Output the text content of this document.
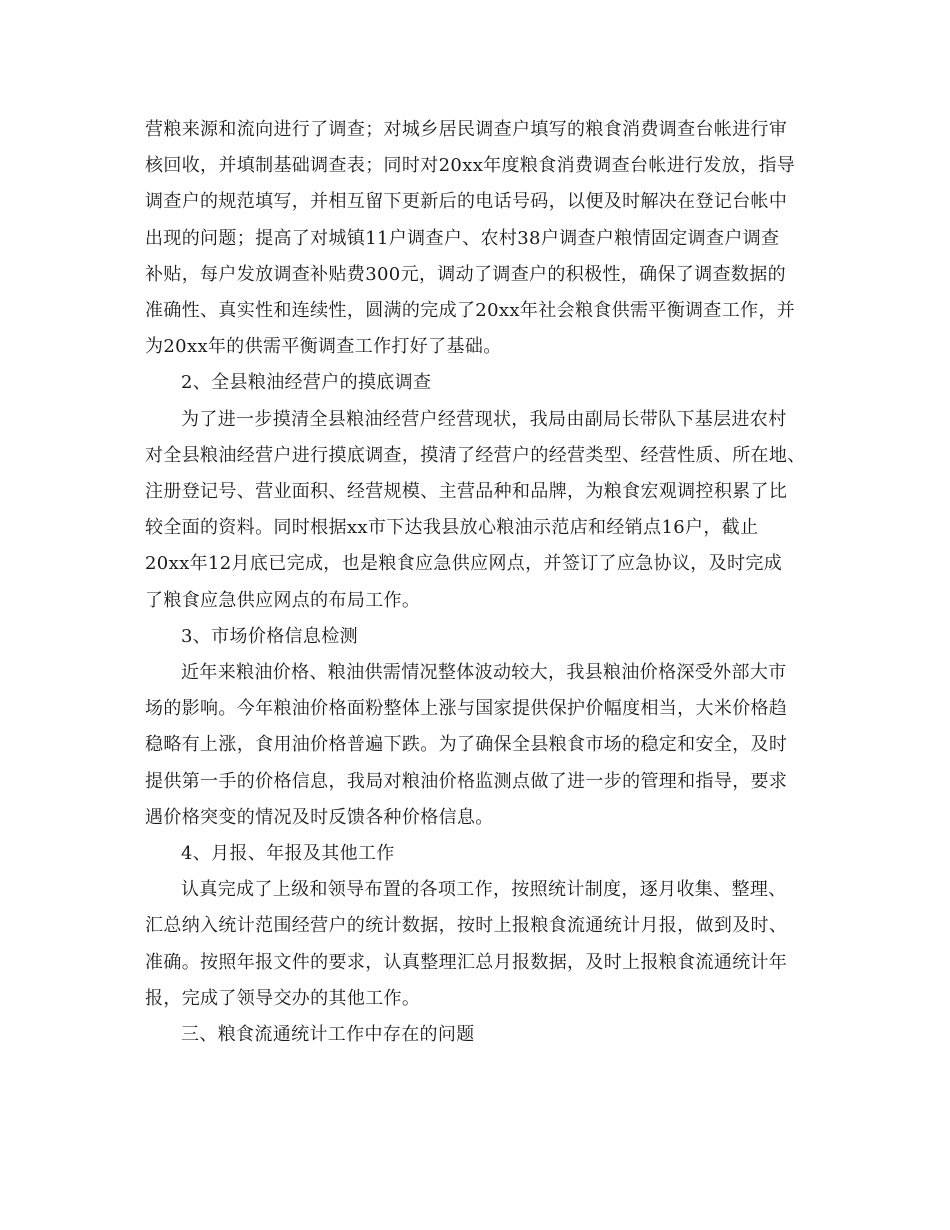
营粮来源和流向进行了调查；对城乡居民调查户填写的粮食消费调查台帐进行审

核回收，并填制基础调查表；同时对20xx年度粮食消费调查台帐进行发放，指导

调查户的规范填写，并相互留下更新后的电话号码，以便及时解决在登记台帐中

出现的问题；提高了对城镇11户调查户、农村38户调查户粮情固定调查户调查

补贴，每户发放调查补贴费300元，调动了调查户的积极性，确保了调查数据的

准确性、真实性和连续性，圆满的完成了20xx年社会粮食供需平衡调查工作，并

为20xx年的供需平衡调查工作打好了基础。

2、全县粮油经营户的摸底调查

为了进一步摸清全县粮油经营户经营现状，我局由副局长带队下基层进农村

对全县粮油经营户进行摸底调查，摸清了经营户的经营类型、经营性质、所在地、

注册登记号、营业面积、经营规模、主营品种和品牌，为粮食宏观调控积累了比

较全面的资料。同时根据xx市下达我县放心粮油示范店和经销点16户，截止

20xx年12月底已完成，也是粮食应急供应网点，并签订了应急协议，及时完成

了粮食应急供应网点的布局工作。

3、市场价格信息检测

近年来粮油价格、粮油供需情况整体波动较大，我县粮油价格深受外部大市

场的影响。今年粮油价格面粉整体上涨与国家提供保护价幅度相当，大米价格趋

稳略有上涨，食用油价格普遍下跌。为了确保全县粮食市场的稳定和安全，及时

提供第一手的价格信息，我局对粮油价格监测点做了进一步的管理和指导，要求

遇价格突变的情况及时反馈各种价格信息。

4、月报、年报及其他工作

认真完成了上级和领导布置的各项工作，按照统计制度，逐月收集、整理、

汇总纳入统计范围经营户的统计数据，按时上报粮食流通统计月报，做到及时、

准确。按照年报文件的要求，认真整理汇总月报数据，及时上报粮食流通统计年

报，完成了领导交办的其他工作。

三、粮食流通统计工作中存在的问题
